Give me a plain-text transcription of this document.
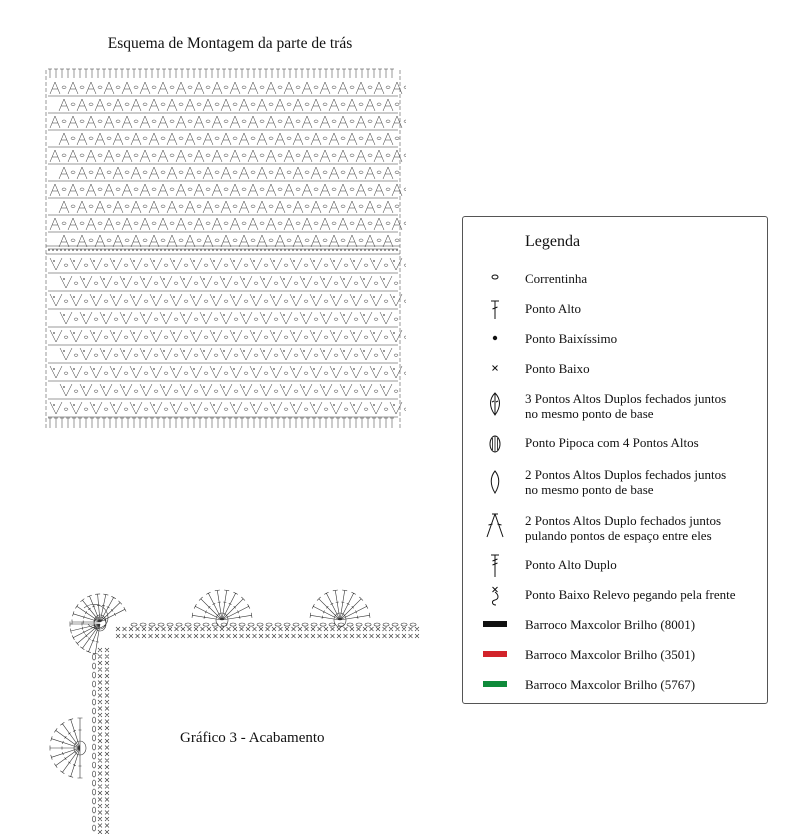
Esquema de Montagem da parte de trás
Legenda
Correntinha
Ponto Alto
Ponto Baixíssimo
Ponto Baixo
3 Pontos Altos Duplos fechados juntos
no mesmo ponto de base
Ponto Pipoca com 4 Pontos Altos
2 Pontos Altos Duplos fechados juntos
no mesmo ponto de base
2 Pontos Altos Duplo fechados juntos
pulando pontos de espaço entre eles
Ponto Alto Duplo
Ponto Baixo Relevo pegando pela frente
Barroco Maxcolor Brilho (8001)
Barroco Maxcolor Brilho (3501)
Barroco Maxcolor Brilho (5767)
Gráfico 3 - Acabamento
